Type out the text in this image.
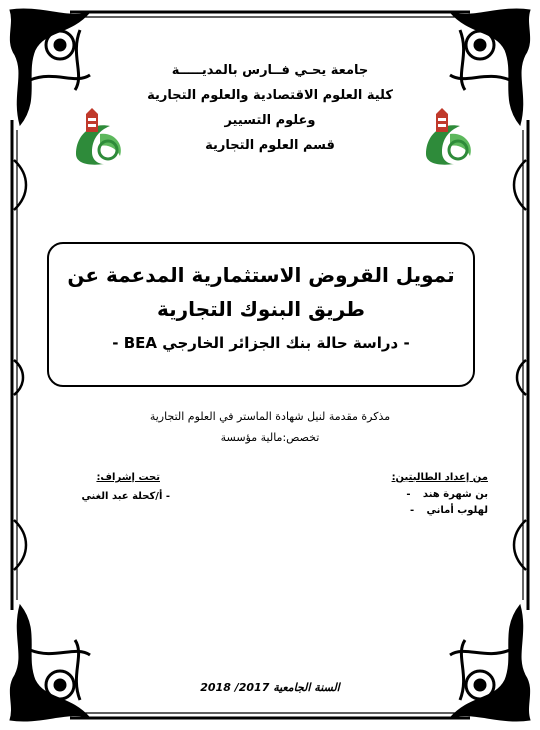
جامعة يحـي فــارس بالمديـــــة
كلية العلوم الاقتصادية والعلوم التجارية
وعلوم التسيير
قسم العلوم التجارية
تمويل القروض الاستثمارية المدعمة عن طريق البنوك التجارية
- دراسة حالة بنك الجزائر الخارجي BEA -
مذكرة مقدمة لنيل شهادة الماستر في العلوم التجارية
تخصص:مالية مؤسسة
من إعداد الطالبتين:
بن شهرة هند -
لهلوب أماني -
تحت إشراف:
- أ/كحلة عبد الغني
السنة الجامعية 2017/ 2018
